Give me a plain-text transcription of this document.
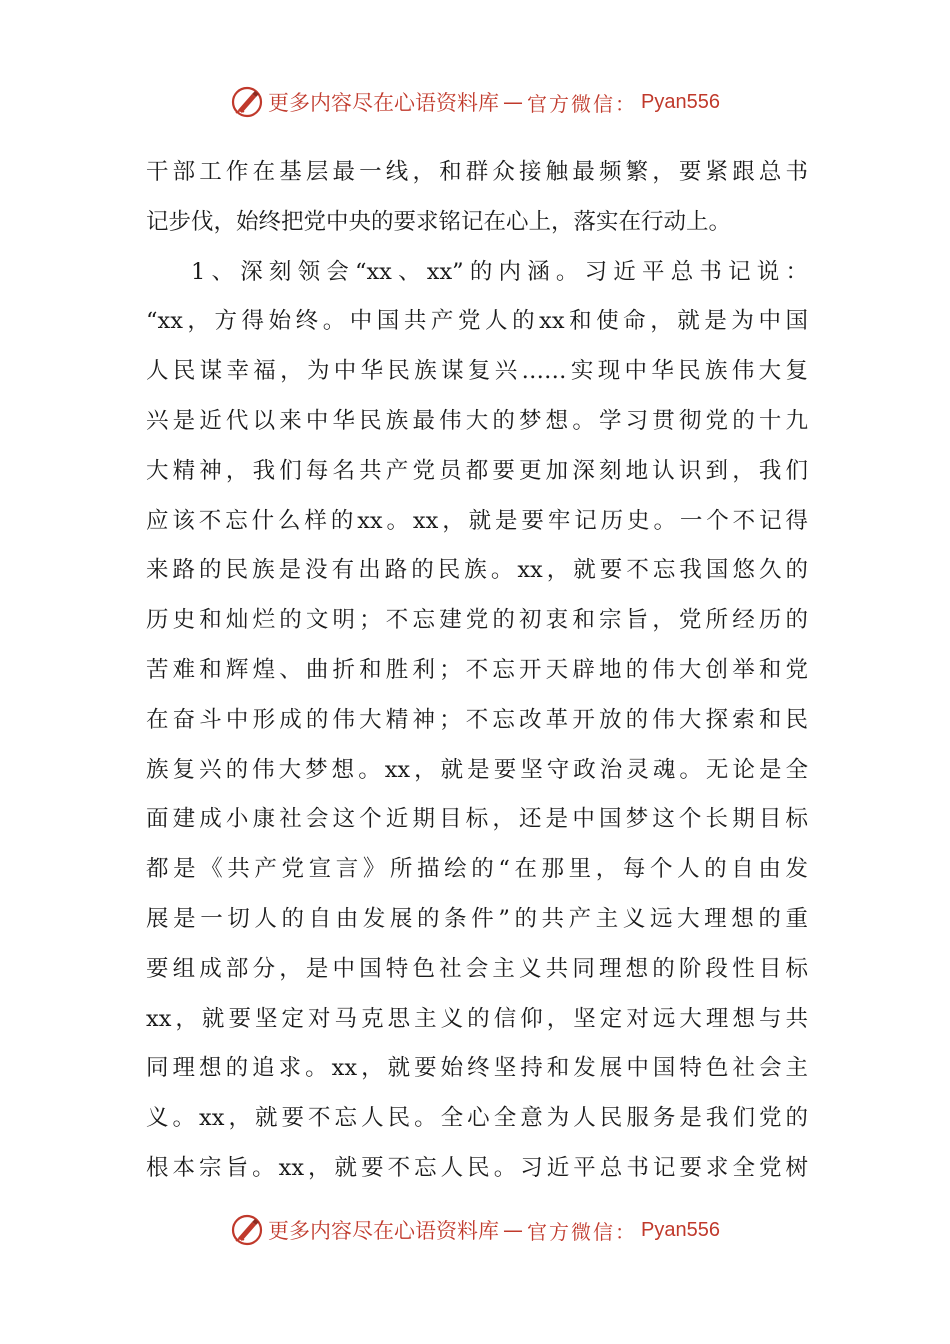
更多内容尽在心语资料库 — 官方微信： Pyan556
干部工作在基层最一线，和群众接触最频繁，要紧跟总书
记步伐，始终把党中央的要求铭记在心上，落实在行动上。
1、深刻领会“xx、xx”的内涵。习近平总书记说：
“xx，方得始终。中国共产党人的xx和使命，就是为中国
人民谋幸福，为中华民族谋复兴……实现中华民族伟大复
兴是近代以来中华民族最伟大的梦想。学习贯彻党的十九
大精神，我们每名共产党员都要更加深刻地认识到，我们
应该不忘什么样的xx。xx，就是要牢记历史。一个不记得
来路的民族是没有出路的民族。xx，就要不忘我国悠久的
历史和灿烂的文明；不忘建党的初衷和宗旨，党所经历的
苦难和辉煌、曲折和胜利；不忘开天辟地的伟大创举和党
在奋斗中形成的伟大精神；不忘改革开放的伟大探索和民
族复兴的伟大梦想。xx，就是要坚守政治灵魂。无论是全
面建成小康社会这个近期目标，还是中国梦这个长期目标
都是《共产党宣言》所描绘的“在那里，每个人的自由发
展是一切人的自由发展的条件”的共产主义远大理想的重
要组成部分，是中国特色社会主义共同理想的阶段性目标
xx，就要坚定对马克思主义的信仰，坚定对远大理想与共
同理想的追求。xx，就要始终坚持和发展中国特色社会主
义。xx，就要不忘人民。全心全意为人民服务是我们党的
根本宗旨。xx，就要不忘人民。习近平总书记要求全党树
更多内容尽在心语资料库 — 官方微信： Pyan556
